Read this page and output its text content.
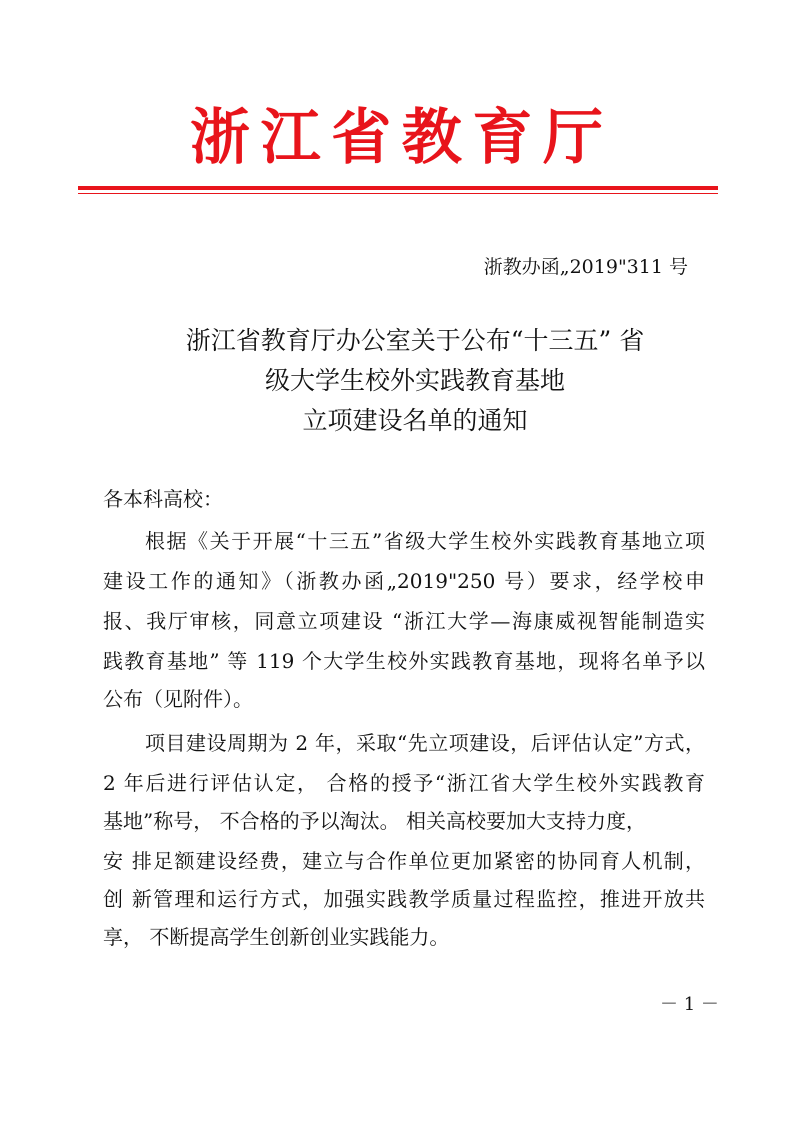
浙江省教育厅
浙教办函„2019"311 号
浙江省教育厅办公室关于公布“十三五” 省
级大学生校外实践教育基地
立项建设名单的通知
各本科高校：
根据《关于开展“十三五”省级大学生校外实践教育基地立项
建设工作的通知》（浙教办函„2019"250 号）要求，经学校申
报、我厅审核，同意立项建设 “浙江大学—海康威视智能制造实
践教育基地” 等 119 个大学生校外实践教育基地，现将名单予以
公布（见附件）。
项目建设周期为 2 年，采取“先立项建设，后评估认定”方式，
2 年后进行评估认定， 合格的授予“浙江省大学生校外实践教育
基地”称号， 不合格的予以淘汰。 相关高校要加大支持力度，
安 排足额建设经费，建立与合作单位更加紧密的协同育人机制，
创 新管理和运行方式，加强实践教学质量过程监控，推进开放共
享， 不断提高学生创新创业实践能力。
－ 1 －
